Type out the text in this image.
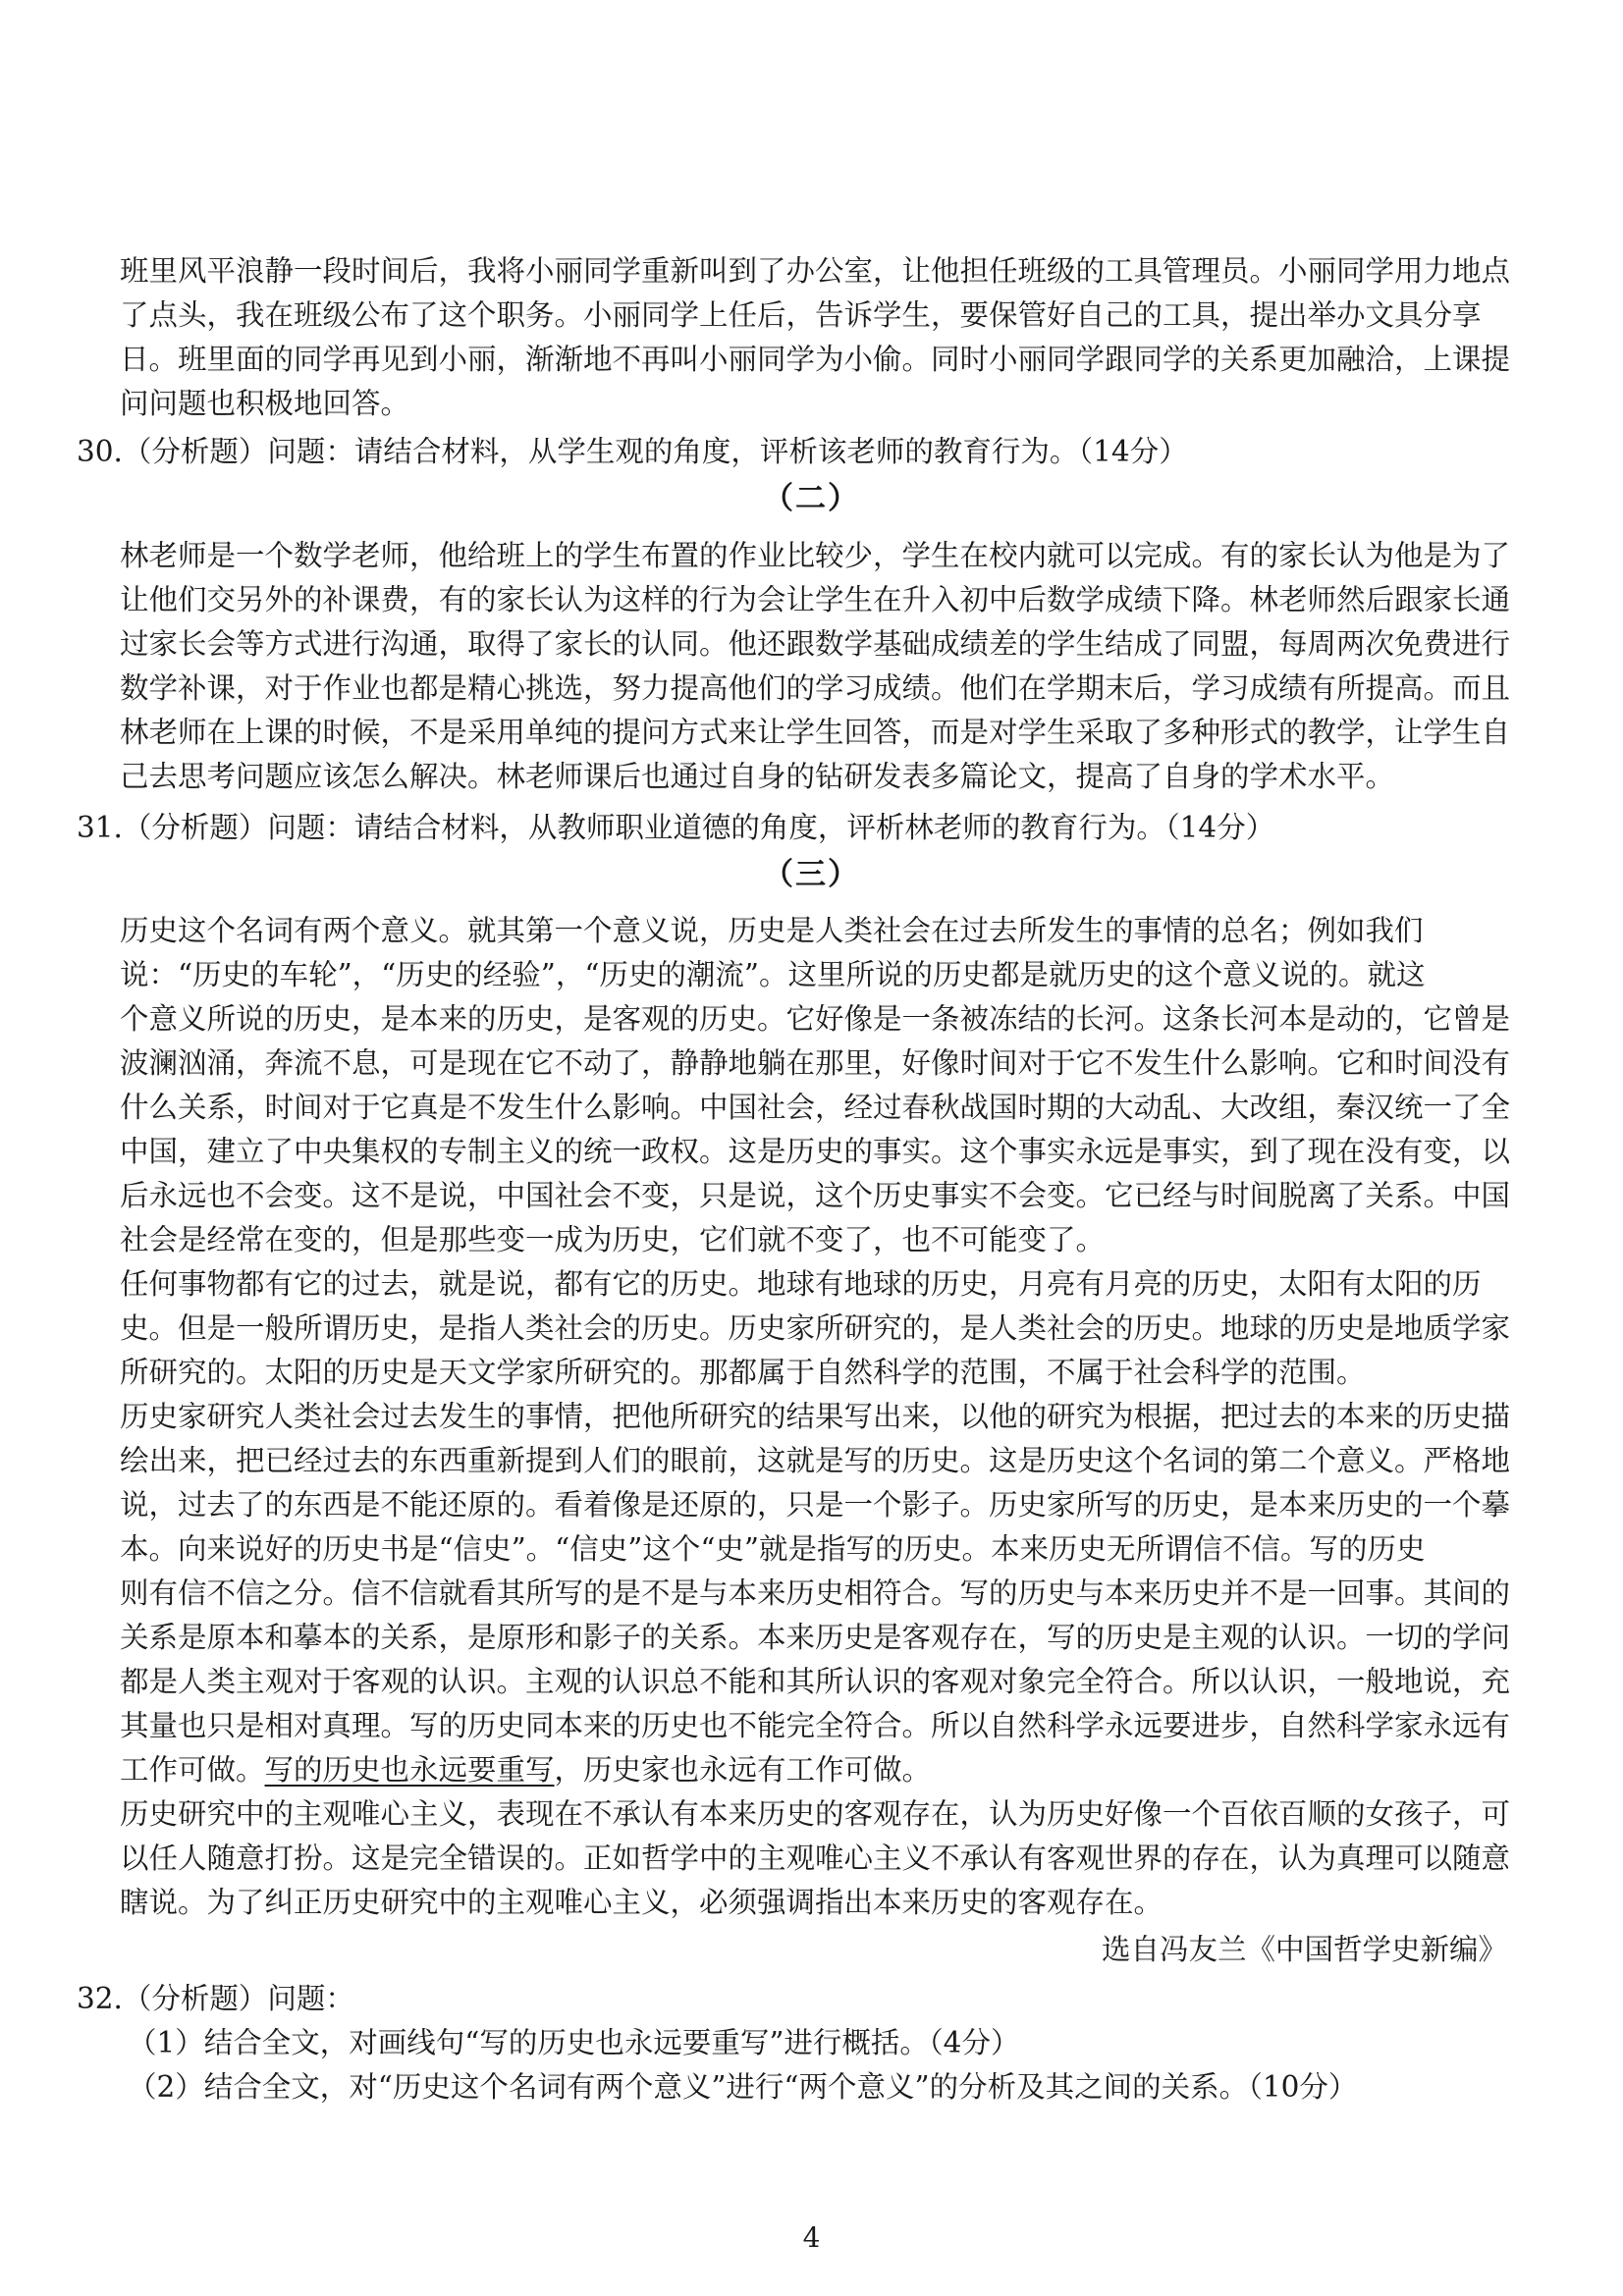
班里风平浪静一段时间后，我将小丽同学重新叫到了办公室，让他担任班级的工具管理员。小丽同学用力地点
了点头，我在班级公布了这个职务。小丽同学上任后，告诉学生，要保管好自己的工具，提出举办文具分享
日。班里面的同学再见到小丽，渐渐地不再叫小丽同学为小偷。同时小丽同学跟同学的关系更加融洽，上课提
问问题也积极地回答。
30.（分析题）问题：请结合材料，从学生观的角度，评析该老师的教育行为。（14分）
（二）
林老师是一个数学老师，他给班上的学生布置的作业比较少，学生在校内就可以完成。有的家长认为他是为了
让他们交另外的补课费，有的家长认为这样的行为会让学生在升入初中后数学成绩下降。林老师然后跟家长通
过家长会等方式进行沟通，取得了家长的认同。他还跟数学基础成绩差的学生结成了同盟，每周两次免费进行
数学补课，对于作业也都是精心挑选，努力提高他们的学习成绩。他们在学期末后，学习成绩有所提高。而且
林老师在上课的时候，不是采用单纯的提问方式来让学生回答，而是对学生采取了多种形式的教学，让学生自
己去思考问题应该怎么解决。林老师课后也通过自身的钻研发表多篇论文，提高了自身的学术水平。
31.（分析题）问题：请结合材料，从教师职业道德的角度，评析林老师的教育行为。（14分）
（三）
历史这个名词有两个意义。就其第一个意义说，历史是人类社会在过去所发生的事情的总名；例如我们
说：“历史的车轮”，“历史的经验”，“历史的潮流”。这里所说的历史都是就历史的这个意义说的。就这
个意义所说的历史，是本来的历史，是客观的历史。它好像是一条被冻结的长河。这条长河本是动的，它曾是
波澜汹涌，奔流不息，可是现在它不动了，静静地躺在那里，好像时间对于它不发生什么影响。它和时间没有
什么关系，时间对于它真是不发生什么影响。中国社会，经过春秋战国时期的大动乱、大改组，秦汉统一了全
中国，建立了中央集权的专制主义的统一政权。这是历史的事实。这个事实永远是事实，到了现在没有变，以
后永远也不会变。这不是说，中国社会不变，只是说，这个历史事实不会变。它已经与时间脱离了关系。中国
社会是经常在变的，但是那些变一成为历史，它们就不变了，也不可能变了。
任何事物都有它的过去，就是说，都有它的历史。地球有地球的历史，月亮有月亮的历史，太阳有太阳的历
史。但是一般所谓历史，是指人类社会的历史。历史家所研究的，是人类社会的历史。地球的历史是地质学家
所研究的。太阳的历史是天文学家所研究的。那都属于自然科学的范围，不属于社会科学的范围。
历史家研究人类社会过去发生的事情，把他所研究的结果写出来，以他的研究为根据，把过去的本来的历史描
绘出来，把已经过去的东西重新提到人们的眼前，这就是写的历史。这是历史这个名词的第二个意义。严格地
说，过去了的东西是不能还原的。看着像是还原的，只是一个影子。历史家所写的历史，是本来历史的一个摹
本。向来说好的历史书是“信史”。“信史”这个“史”就是指写的历史。本来历史无所谓信不信。写的历史
则有信不信之分。信不信就看其所写的是不是与本来历史相符合。写的历史与本来历史并不是一回事。其间的
关系是原本和摹本的关系，是原形和影子的关系。本来历史是客观存在，写的历史是主观的认识。一切的学问
都是人类主观对于客观的认识。主观的认识总不能和其所认识的客观对象完全符合。所以认识，一般地说，充
其量也只是相对真理。写的历史同本来的历史也不能完全符合。所以自然科学永远要进步，自然科学家永远有
工作可做。写的历史也永远要重写，历史家也永远有工作可做。
历史研究中的主观唯心主义，表现在不承认有本来历史的客观存在，认为历史好像一个百依百顺的女孩子，可
以任人随意打扮。这是完全错误的。正如哲学中的主观唯心主义不承认有客观世界的存在，认为真理可以随意
瞎说。为了纠正历史研究中的主观唯心主义，必须强调指出本来历史的客观存在。
选自冯友兰《中国哲学史新编》
32.（分析题）问题：
（1）结合全文，对画线句“写的历史也永远要重写”进行概括。（4分）
（2）结合全文，对“历史这个名词有两个意义”进行“两个意义”的分析及其之间的关系。（10分）
4
